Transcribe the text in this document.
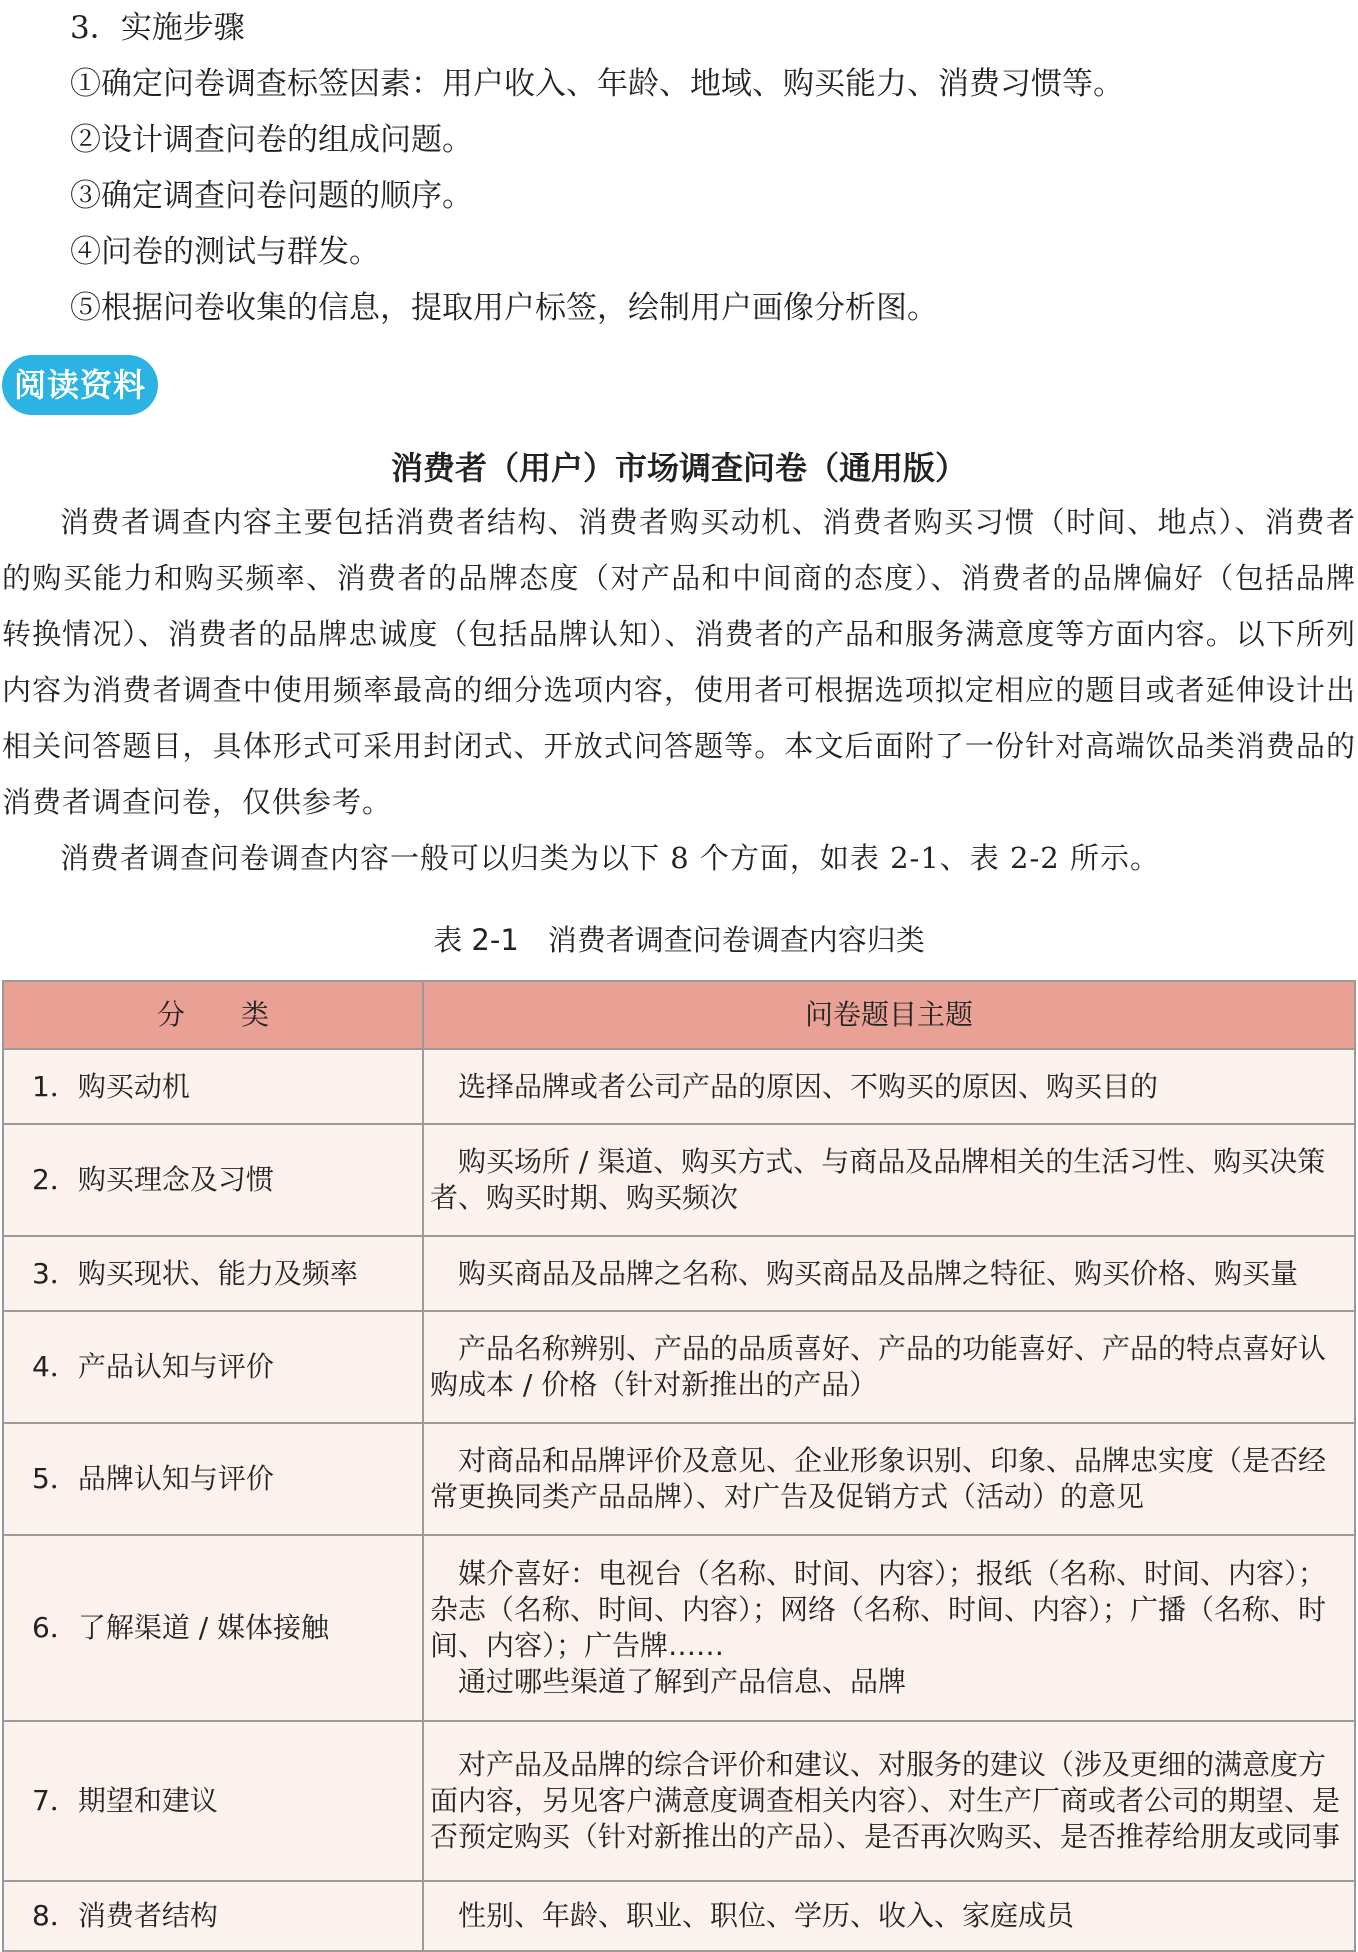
3．实施步骤
①确定问卷调查标签因素：用户收入、年龄、地域、购买能力、消费习惯等。
②设计调查问卷的组成问题。
③确定调查问卷问题的顺序。
④问卷的测试与群发。
⑤根据问卷收集的信息，提取用户标签，绘制用户画像分析图。
阅读资料
消费者（用户）市场调查问卷（通用版）

消费者调查内容主要包括消费者结构、消费者购买动机、消费者购买习惯（时间、地点）、消费者的购买能力和购买频率、消费者的品牌态度（对产品和中间商的态度）、消费者的品牌偏好（包括品牌转换情况）、消费者的品牌忠诚度（包括品牌认知）、消费者的产品和服务满意度等方面内容。以下所列内容为消费者调查中使用频率最高的细分选项内容，使用者可根据选项拟定相应的题目或者延伸设计出相关问答题目，具体形式可采用封闭式、开放式问答题等。本文后面附了一份针对高端饮品类消费品的消费者调查问卷，仅供参考。

消费者调查问卷调查内容一般可以归类为以下 8 个方面，如表 2-1、表 2-2 所示。

表 2-1　消费者调查问卷调查内容归类
分　　类	问卷题目主题
1．购买动机	选择品牌或者公司产品的原因、不购买的原因、购买目的

2．购买理念及习惯	购买场所 / 渠道、购买方式、与商品及品牌相关的生活习性、购买决策者、购买时期、购买频次

3．购买现状、能力及频率	购买商品及品牌之名称、购买商品及品牌之特征、购买价格、购买量

4．产品认知与评价	产品名称辨别、产品的品质喜好、产品的功能喜好、产品的特点喜好认购成本 / 价格（针对新推出的产品）

5．品牌认知与评价	对商品和品牌评价及意见、企业形象识别、印象、品牌忠实度（是否经常更换同类产品品牌）、对广告及促销方式（活动）的意见

6．了解渠道 / 媒体接触	媒介喜好：电视台（名称、时间、内容）；报纸（名称、时间、内容）；杂志（名称、时间、内容）；网络（名称、时间、内容）；广播（名称、时间、内容）；广告牌……
通过哪些渠道了解到产品信息、品牌

7．期望和建议	对产品及品牌的综合评价和建议、对服务的建议（涉及更细的满意度方面内容，另见客户满意度调查相关内容）、对生产厂商或者公司的期望、是否预定购买（针对新推出的产品）、是否再次购买、是否推荐给朋友或同事

8．消费者结构	性别、年龄、职业、职位、学历、收入、家庭成员
